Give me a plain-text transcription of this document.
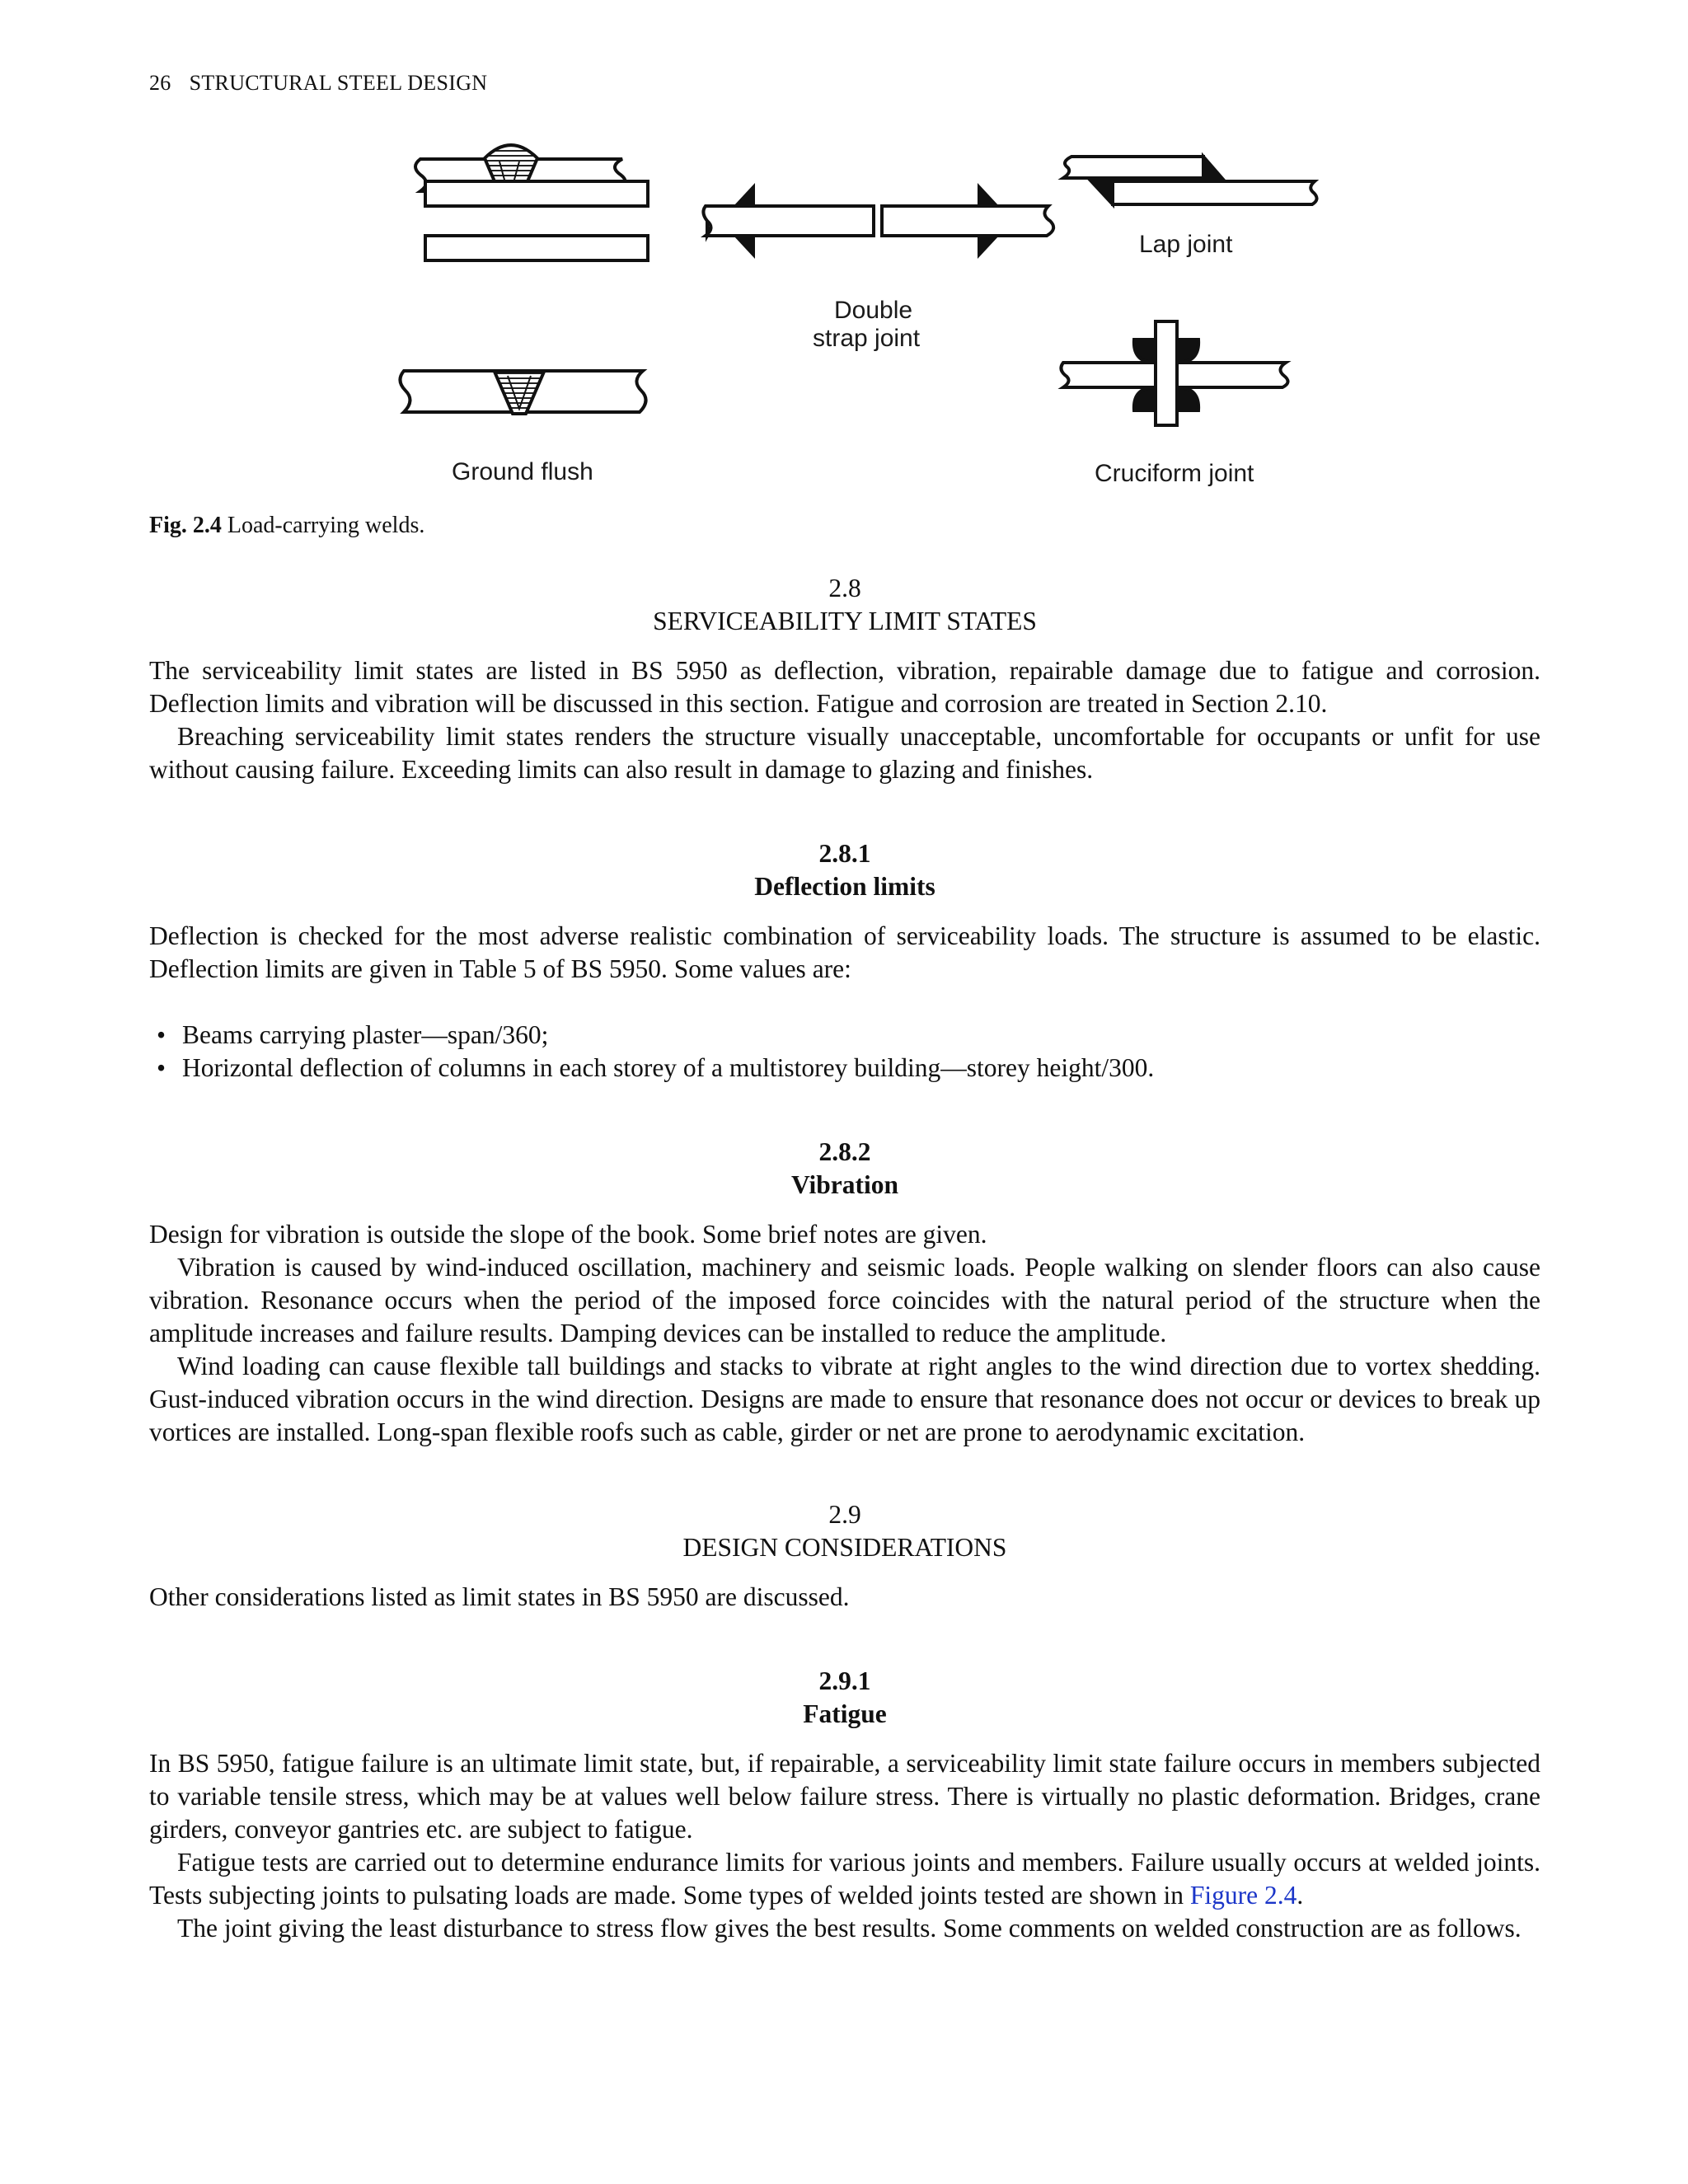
26 STRUCTURAL STEEL DESIGN
Ground flush
Double
strap joint
Lap joint
Cruciform joint
Fig. 2.4 Load-carrying welds.
2.8
SERVICEABILITY LIMIT STATES

The serviceability limit states are listed in BS 5950 as deflection, vibration, repairable damage due to fatigue and corrosion. Deflection limits and vibration will be discussed in this section. Fatigue and corrosion are treated in Section 2.10.

Breaching serviceability limit states renders the structure visually unacceptable, uncomfortable for occupants or unfit for use without causing failure. Exceeding limits can also result in damage to glazing and finishes.

2.8.1
Deflection limits

Deflection is checked for the most adverse realistic combination of serviceability loads. The structure is assumed to be elastic. Deflection limits are given in Table 5 of BS 5950. Some values are:

• Beams carrying plaster—span/360;
• Horizontal deflection of columns in each storey of a multistorey building—storey height/300.
2.8.2
Vibration

Design for vibration is outside the slope of the book. Some brief notes are given.

Vibration is caused by wind-induced oscillation, machinery and seismic loads. People walking on slender floors can also cause vibration. Resonance occurs when the period of the imposed force coincides with the natural period of the structure when the amplitude increases and failure results. Damping devices can be installed to reduce the amplitude.

Wind loading can cause flexible tall buildings and stacks to vibrate at right angles to the wind direction due to vortex shedding. Gust-induced vibration occurs in the wind direction. Designs are made to ensure that resonance does not occur or devices to break up vortices are installed. Long-span flexible roofs such as cable, girder or net are prone to aerodynamic excitation.

2.9
DESIGN CONSIDERATIONS

Other considerations listed as limit states in BS 5950 are discussed.

2.9.1
Fatigue

In BS 5950, fatigue failure is an ultimate limit state, but, if repairable, a serviceability limit state failure occurs in members subjected to variable tensile stress, which may be at values well below failure stress. There is virtually no plastic deformation. Bridges, crane girders, conveyor gantries etc. are subject to fatigue.

Fatigue tests are carried out to determine endurance limits for various joints and members. Failure usually occurs at welded joints. Tests subjecting joints to pulsating loads are made. Some types of welded joints tested are shown in Figure 2.4.

The joint giving the least disturbance to stress flow gives the best results. Some comments on welded construction are as follows.
